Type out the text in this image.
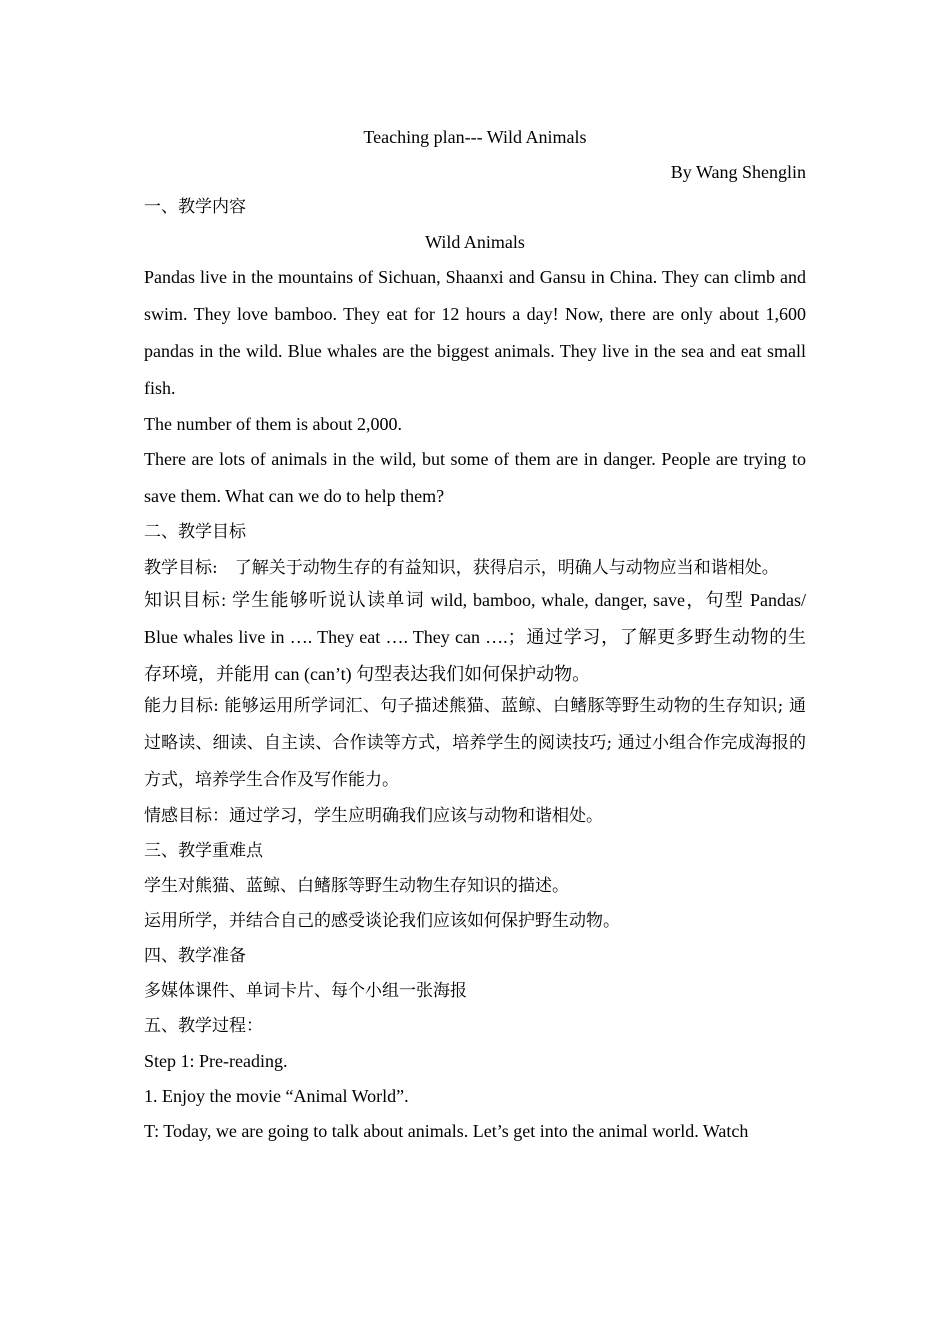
Teaching plan--- Wild Animals
By Wang Shenglin
一、教学内容
Wild Animals
Pandas live in the mountains of Sichuan, Shaanxi and Gansu in China. They can climb and swim. They love bamboo. They eat for 12 hours a day! Now, there are only about 1,600 pandas in the wild. Blue whales are the biggest animals. They live in the sea and eat small fish.
The number of them is about 2,000.
There are lots of animals in the wild, but some of them are in danger. People are trying to save them. What can we do to help them?
二、教学目标
教学目标:　了解关于动物生存的有益知识，获得启示，明确人与动物应当和谐相处。
知识目标: 学生能够听说认读单词 wild, bamboo, whale, danger, save，句型 Pandas/ Blue whales live in …. They eat …. They can ….；通过学习，了解更多野生动物的生存环境，并能用 can (can’t) 句型表达我们如何保护动物。
能力目标: 能够运用所学词汇、句子描述熊猫、蓝鲸、白鳍豚等野生动物的生存知识; 通过略读、细读、自主读、合作读等方式，培养学生的阅读技巧; 通过小组合作完成海报的方式，培养学生合作及写作能力。
情感目标：通过学习，学生应明确我们应该与动物和谐相处。
三、教学重难点
学生对熊猫、蓝鲸、白鳍豚等野生动物生存知识的描述。
运用所学，并结合自己的感受谈论我们应该如何保护野生动物。
四、教学准备
多媒体课件、单词卡片、每个小组一张海报
五、教学过程：
Step 1: Pre-reading.
1. Enjoy the movie “Animal World”.
T: Today, we are going to talk about animals. Let’s get into the animal world. Watch
